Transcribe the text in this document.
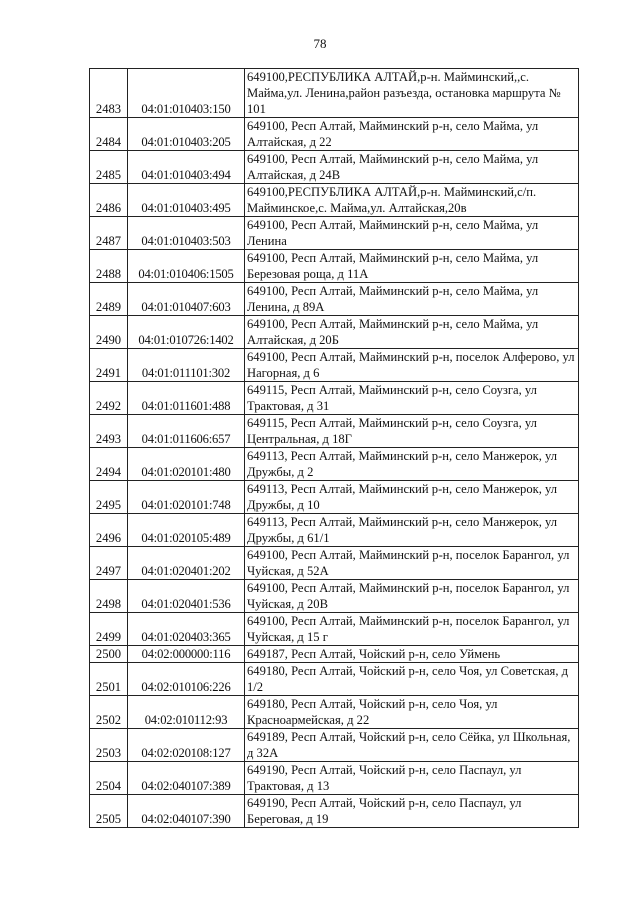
78
2483	04:01:010403:150	649100,РЕСПУБЛИКА АЛТАЙ,р-н. Майминский,,с. Майма,ул. Ленина,район разъезда, остановка маршрута № 101
2484	04:01:010403:205	649100, Респ Алтай, Майминский р-н, село Майма, ул Алтайская, д 22
2485	04:01:010403:494	649100, Респ Алтай, Майминский р-н, село Майма, ул Алтайская, д 24В
2486	04:01:010403:495	649100,РЕСПУБЛИКА АЛТАЙ,р-н. Майминский,с/п. Майминское,с. Майма,ул. Алтайская,20в
2487	04:01:010403:503	649100, Респ Алтай, Майминский р-н, село Майма, ул Ленина
2488	04:01:010406:1505	649100, Респ Алтай, Майминский р-н, село Майма, ул Березовая роща, д 11А
2489	04:01:010407:603	649100, Респ Алтай, Майминский р-н, село Майма, ул Ленина, д 89А
2490	04:01:010726:1402	649100, Респ Алтай, Майминский р-н, село Майма, ул Алтайская, д 20Б
2491	04:01:011101:302	649100, Респ Алтай, Майминский р-н, поселок Алферово, ул Нагорная, д 6
2492	04:01:011601:488	649115, Респ Алтай, Майминский р-н, село Соузга, ул Трактовая, д 31
2493	04:01:011606:657	649115, Респ Алтай, Майминский р-н, село Соузга, ул Центральная, д 18Г
2494	04:01:020101:480	649113, Респ Алтай, Майминский р-н, село Манжерок, ул Дружбы, д 2
2495	04:01:020101:748	649113, Респ Алтай, Майминский р-н, село Манжерок, ул Дружбы, д 10
2496	04:01:020105:489	649113, Респ Алтай, Майминский р-н, село Манжерок, ул Дружбы, д 61/1
2497	04:01:020401:202	649100, Респ Алтай, Майминский р-н, поселок Барангол, ул Чуйская, д 52А
2498	04:01:020401:536	649100, Респ Алтай, Майминский р-н, поселок Барангол, ул Чуйская, д 20В
2499	04:01:020403:365	649100, Респ Алтай, Майминский р-н, поселок Барангол, ул Чуйская, д 15 г
2500	04:02:000000:116	649187, Респ Алтай, Чойский р-н, село Уймень
2501	04:02:010106:226	649180, Респ Алтай, Чойский р-н, село Чоя, ул Советская, д 1/2
2502	04:02:010112:93	649180, Респ Алтай, Чойский р-н, село Чоя, ул Красноармейская, д 22
2503	04:02:020108:127	649189, Респ Алтай, Чойский р-н, село Сёйка, ул Школьная, д 32А
2504	04:02:040107:389	649190, Респ Алтай, Чойский р-н, село Паспаул, ул Трактовая, д 13
2505	04:02:040107:390	649190, Респ Алтай, Чойский р-н, село Паспаул, ул Береговая, д 19
